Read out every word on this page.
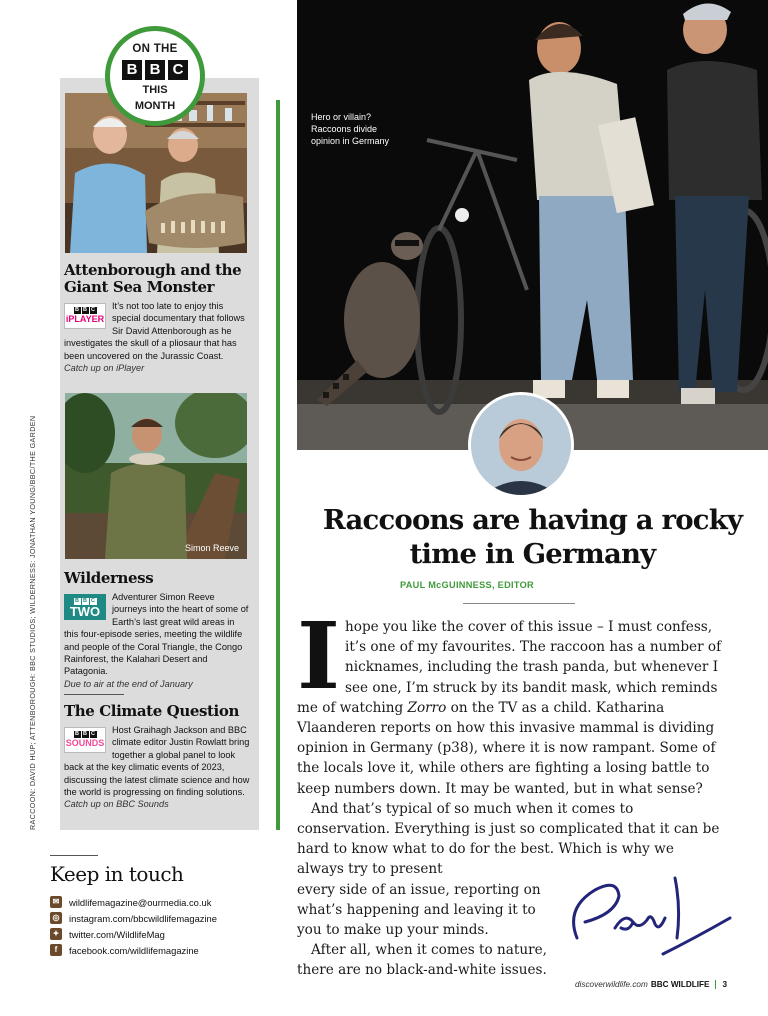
RACCOON: DAVID HUP; ATTENBOROUGH: BBC STUDIOS; WILDERNESS: JONATHAN YOUNG/BBC/THE GARDEN
ON THE
B B C
THIS
MONTH
Attenborough and the Giant Sea Monster
B B C
iPLAYER
It’s not too late to enjoy this special documentary that follows Sir David Attenborough as he investigates the skull of a pliosaur that has been uncovered on the Jurassic Coast.
Catch up on iPlayer
Simon Reeve
Wilderness
B B C
TWO
Adventurer Simon Reeve journeys into the heart of some of Earth’s last great wild areas in this four-episode series, meeting the wildlife and people of the Coral Triangle, the Congo Rainforest, the Kalahari Desert and Patagonia.
Due to air at the end of January
The Climate Question
B B C
SOUNDS
Host Graihagh Jackson and BBC climate editor Justin Rowlatt bring together a global panel to look back at the key climatic events of 2023, discussing the latest climate science and how the world is progressing on finding solutions.
Catch up on BBC Sounds
Keep in touch
✉ wildlifemagazine@ourmedia.co.uk
◎ instagram.com/bbcwildlifemagazine
✦ twitter.com/WildlifeMag
f	facebook.com/wildlifemagazine
Hero or villain? Raccoons divide opinion in Germany
Raccoons are having a rocky time in Germany
PAUL McGUINNESS, EDITOR

Ihope you like the cover of this issue – I must confess, it’s one of my favourites. The raccoon has a number of nicknames, including the trash panda, but whenever I see one, I’m struck by its bandit mask, which reminds me of watching Zorro on the TV as a child. Katharina Vlaanderen reports on how this invasive mammal is dividing opinion in Germany (p38), where it is now rampant. Some of the locals love it, while others are fighting a losing battle to keep numbers down. It may be wanted, but in what sense?

And that’s typical of so much when it comes to conservation. Everything is just so complicated that it can be hard to know what to do for the best. Which is why we always try to present

every side of an issue, reporting on what’s happening and leaving it to you to make up your minds.

After all, when it comes to nature, there are no black-and-white issues.

discoverwildlife.com BBC WILDLIFE 3
